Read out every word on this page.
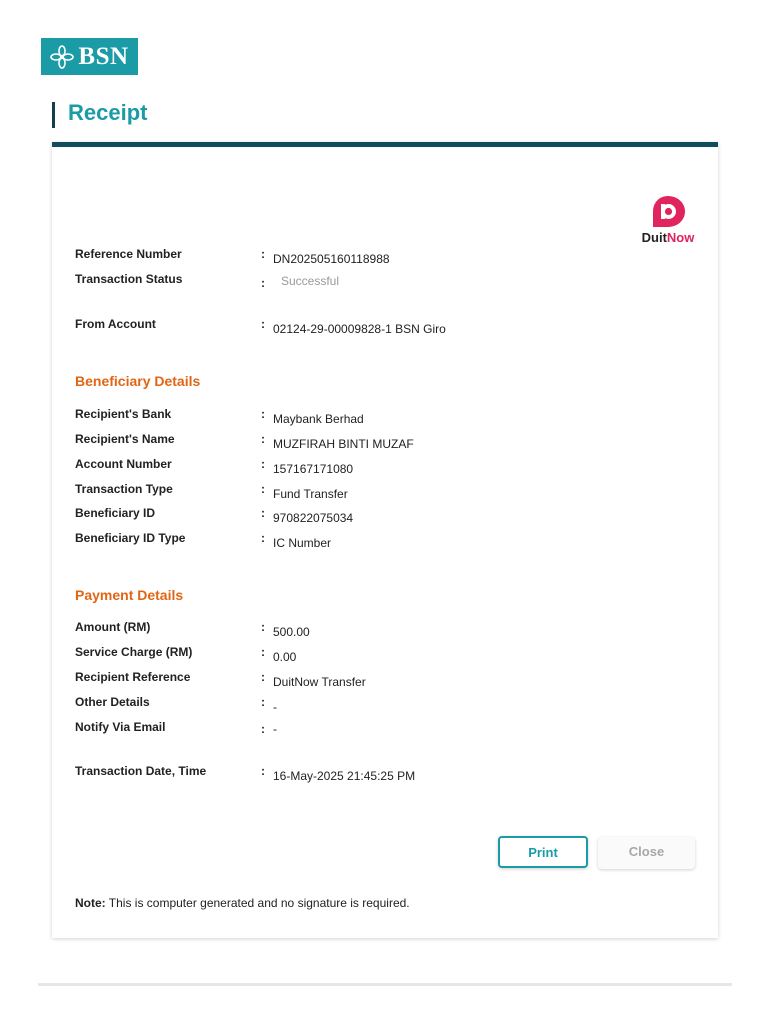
BSN
Receipt
DuitNow
Reference Number	: DN202505160118988
Transaction Status	: Successful
From Account	: 02124-29-00009828-1 BSN Giro
Beneficiary Details
Recipient's Bank	: Maybank Berhad
Recipient's Name	: MUZFIRAH BINTI MUZAF
Account Number	: 157167171080
Transaction Type	: Fund Transfer
Beneficiary ID	: 970822075034
Beneficiary ID Type	: IC Number
Payment Details
Amount (RM)	: 500.00
Service Charge (RM)	: 0.00
Recipient Reference	: DuitNow Transfer
Other Details	: -
Notify Via Email	: -
Transaction Date, Time	: 16-May-2025 21:45:25 PM
Print	Close
Note: This is computer generated and no signature is required.
